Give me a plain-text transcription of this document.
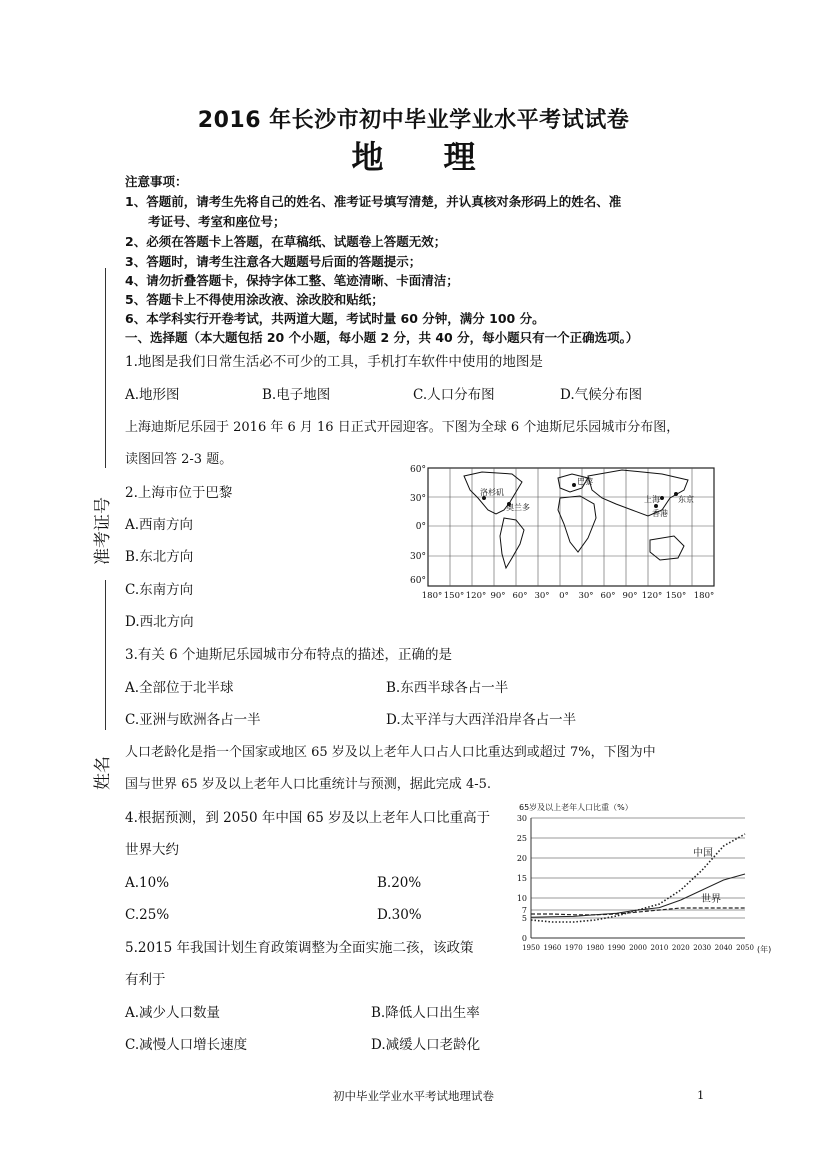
2016 年长沙市初中毕业学业水平考试试卷
地理
注意事项：
1、答题前，请考生先将自己的姓名、准考证号填写清楚，并认真核对条形码上的姓名、准
考证号、考室和座位号；
2、必须在答题卡上答题，在草稿纸、试题卷上答题无效；
3、答题时，请考生注意各大题题号后面的答题提示；
4、请勿折叠答题卡，保持字体工整、笔迹清晰、卡面清洁；
5、答题卡上不得使用涂改液、涂改胶和贴纸；
6、本学科实行开卷考试，共两道大题，考试时量 60 分钟，满分 100 分。
一、选择题（本大题包括 20 个小题，每小题 2 分，共 40 分，每小题只有一个正确选项。）
准考证号
姓名
1.地图是我们日常生活必不可少的工具，手机打车软件中使用的地图是
A.地形图	B.电子地图	C.人口分布图	D.气候分布图
上海迪斯尼乐园于 2016 年 6 月 16 日正式开园迎客。下图为全球 6 个迪斯尼乐园城市分布图，
读图回答 2-3 题。
2.上海市位于巴黎
A.西南方向
B.东北方向
C.东南方向
D.西北方向
洛杉矶
奥兰多
巴黎
上海 东京
香港
60°
30°
0°
30°
60°
180° 150° 120° 90° 60° 30° 0° 30° 60° 90° 120° 150° 180°
3.有关 6 个迪斯尼乐园城市分布特点的描述，正确的是
A.全部位于北半球	B.东西半球各占一半
C.亚洲与欧洲各占一半	D.太平洋与大西洋沿岸各占一半
人口老龄化是指一个国家或地区 65 岁及以上老年人口占人口比重达到或超过 7%，下图为中
国与世界 65 岁及以上老年人口比重统计与预测，据此完成 4-5.
4.根据预测，到 2050 年中国 65 岁及以上老年人口比重高于
世界大约
A.10%	B.20%
C.25%	D.30%
65岁及以上老年人口比重（%）
0
5
7
10
15
20
25
30
1950 1960 1970 1980 1990 2000 2010 2020 2030 2040 2050
中国
世界
(年)
5.2015 年我国计划生育政策调整为全面实施二孩，该政策
有利于
A.减少人口数量	B.降低人口出生率
C.减慢人口增长速度	D.减缓人口老龄化
初中毕业学业水平考试地理试卷	1
